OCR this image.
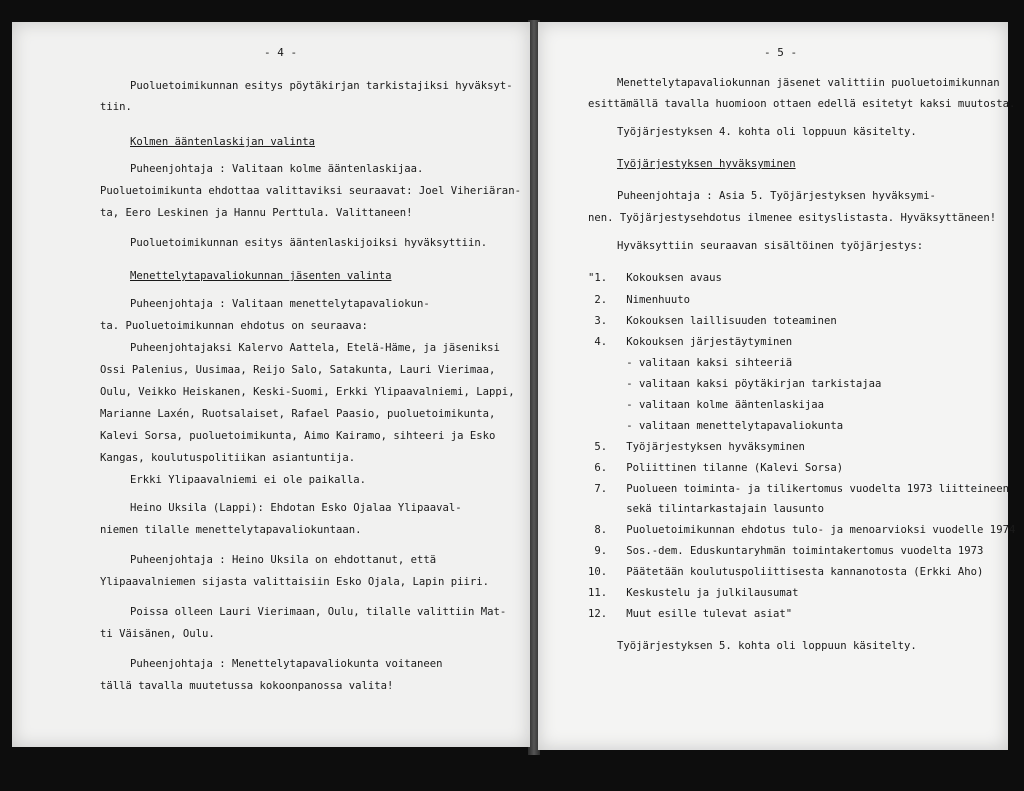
- 4 -
Puoluetoimikunnan esitys pöytäkirjan tarkistajiksi hyväksyt-
tiin.
Kolmen ääntenlaskijan valinta
Puheenjohtaja : Valitaan kolme ääntenlaskijaa.
Puoluetoimikunta ehdottaa valittaviksi seuraavat: Joel Viheriäran-
ta, Eero Leskinen ja Hannu Perttula. Valittaneen!
Puoluetoimikunnan esitys ääntenlaskijoiksi hyväksyttiin.
Menettelytapavaliokunnan jäsenten valinta
Puheenjohtaja : Valitaan menettelytapavaliokun-
ta. Puoluetoimikunnan ehdotus on seuraava:
Puheenjohtajaksi Kalervo Aattela, Etelä-Häme, ja jäseniksi
Ossi Palenius, Uusimaa, Reijo Salo, Satakunta, Lauri Vierimaa,
Oulu, Veikko Heiskanen, Keski-Suomi, Erkki Ylipaavalniemi, Lappi,
Marianne Laxén, Ruotsalaiset, Rafael Paasio, puoluetoimikunta,
Kalevi Sorsa, puoluetoimikunta, Aimo Kairamo, sihteeri ja Esko
Kangas, koulutuspolitiikan asiantuntija.
Erkki Ylipaavalniemi ei ole paikalla.
Heino Uksila (Lappi): Ehdotan Esko Ojalaa Ylipaaval-
niemen tilalle menettelytapavaliokuntaan.
Puheenjohtaja : Heino Uksila on ehdottanut, että
Ylipaavalniemen sijasta valittaisiin Esko Ojala, Lapin piiri.
Poissa olleen Lauri Vierimaan, Oulu, tilalle valittiin Mat-
ti Väisänen, Oulu.
Puheenjohtaja : Menettelytapavaliokunta voitaneen
tällä tavalla muutetussa kokoonpanossa valita!
- 5 -
Menettelytapavaliokunnan jäsenet valittiin puoluetoimikunnan
esittämällä tavalla huomioon ottaen edellä esitetyt kaksi muutosta.
Työjärjestyksen 4. kohta oli loppuun käsitelty.
Työjärjestyksen hyväksyminen
Puheenjohtaja : Asia 5. Työjärjestyksen hyväksymi-
nen. Työjärjestysehdotus ilmenee esityslistasta. Hyväksyttäneen!
Hyväksyttiin seuraavan sisältöinen työjärjestys:
"1.   Kokouksen avaus
2.   Nimenhuuto
3.   Kokouksen laillisuuden toteaminen
4.   Kokouksen järjestäytyminen
- valitaan kaksi sihteeriä
- valitaan kaksi pöytäkirjan tarkistajaa
- valitaan kolme ääntenlaskijaa
- valitaan menettelytapavaliokunta
5.   Työjärjestyksen hyväksyminen
6.   Poliittinen tilanne (Kalevi Sorsa)
7.   Puolueen toiminta- ja tilikertomus vuodelta 1973 liitteineen
sekä tilintarkastajain lausunto
8.   Puoluetoimikunnan ehdotus tulo- ja menoarvioksi vuodelle 1974
9.   Sos.-dem. Eduskuntaryhmän toimintakertomus vuodelta 1973
10.   Päätetään koulutuspoliittisesta kannanotosta (Erkki Aho)
11.   Keskustelu ja julkilausumat
12.   Muut esille tulevat asiat"
Työjärjestyksen 5. kohta oli loppuun käsitelty.
